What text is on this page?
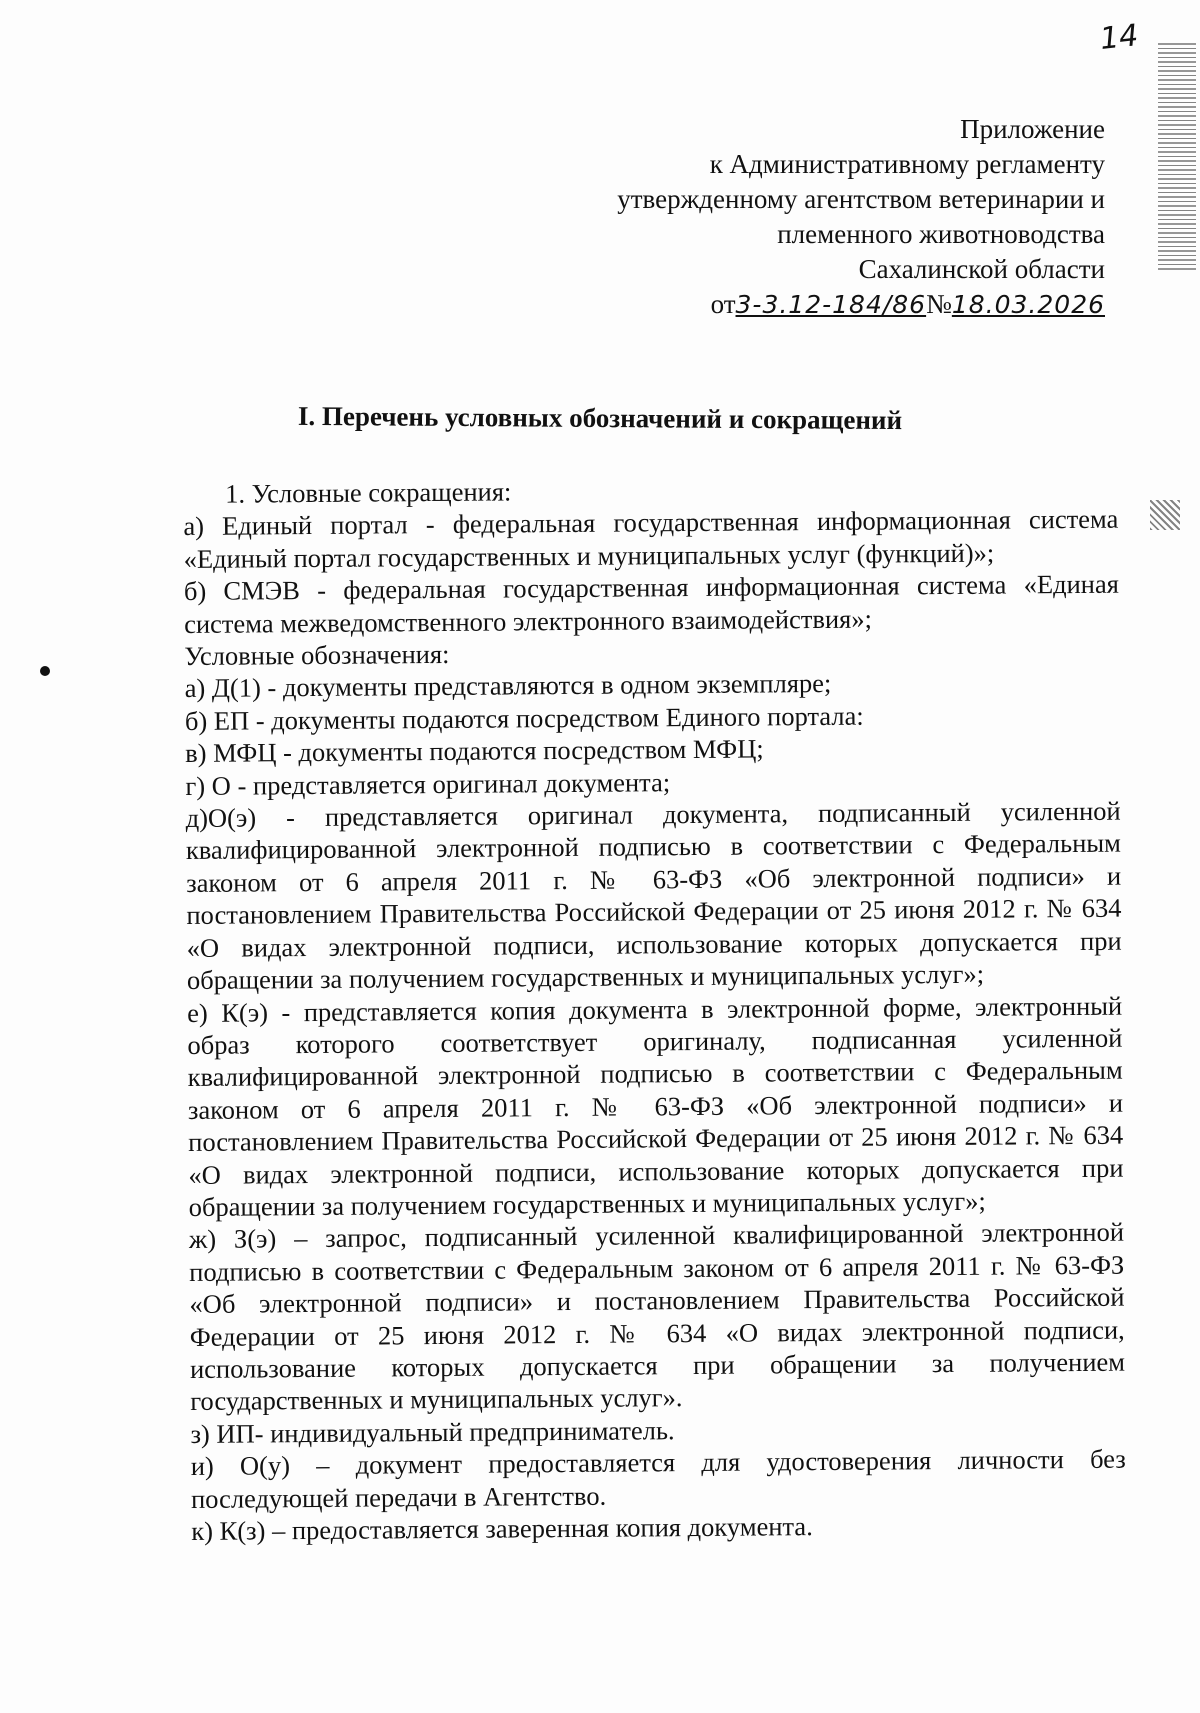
14
Приложение
к Административному регламенту
утвержденному агентством ветеринарии и
племенного животноводства
Сахалинской области
от3-3.12-184/86№18.03.2026
I. Перечень условных обозначений и сокращений

1. Условные сокращения:

а) Единый портал - федеральная государственная информационная система «Единый портал государственных и муниципальных услуг (функций)»;

б) СМЭВ - федеральная государственная информационная система «Единая система межведомственного электронного взаимодействия»;

Условные обозначения:

а) Д(1) - документы представляются в одном экземпляре;

б) ЕП - документы подаются посредством Единого портала:

в) МФЦ - документы подаются посредством МФЦ;

г) О - представляется оригинал документа;

д)О(э) - представляется оригинал документа, подписанный усиленной квалифицированной электронной подписью в соответствии с Федеральным законом от 6 апреля 2011 г. № 63-ФЗ «Об электронной подписи» и постановлением Правительства Российской Федерации от 25 июня 2012 г. № 634 «О видах электронной подписи, использование которых допускается при обращении за получением государственных и муниципальных услуг»;

е) К(э) - представляется копия документа в электронной форме, электронный образ которого соответствует оригиналу, подписанная усиленной квалифицированной электронной подписью в соответствии с Федеральным законом от 6 апреля 2011 г. № 63-ФЗ «Об электронной подписи» и постановлением Правительства Российской Федерации от 25 июня 2012 г. № 634 «О видах электронной подписи, использование которых допускается при обращении за получением государственных и муниципальных услуг»;

ж) З(э) – запрос, подписанный усиленной квалифицированной электронной подписью в соответствии с Федеральным законом от 6 апреля 2011 г. № 63-ФЗ «Об электронной подписи» и постановлением Правительства Российской Федерации от 25 июня 2012 г. № 634 «О видах электронной подписи, использование которых допускается при обращении за получением государственных и муниципальных услуг».

з) ИП- индивидуальный предприниматель.

и) О(у) – документ предоставляется для удостоверения личности без последующей передачи в Агентство.

к) К(з) – предоставляется заверенная копия документа.
